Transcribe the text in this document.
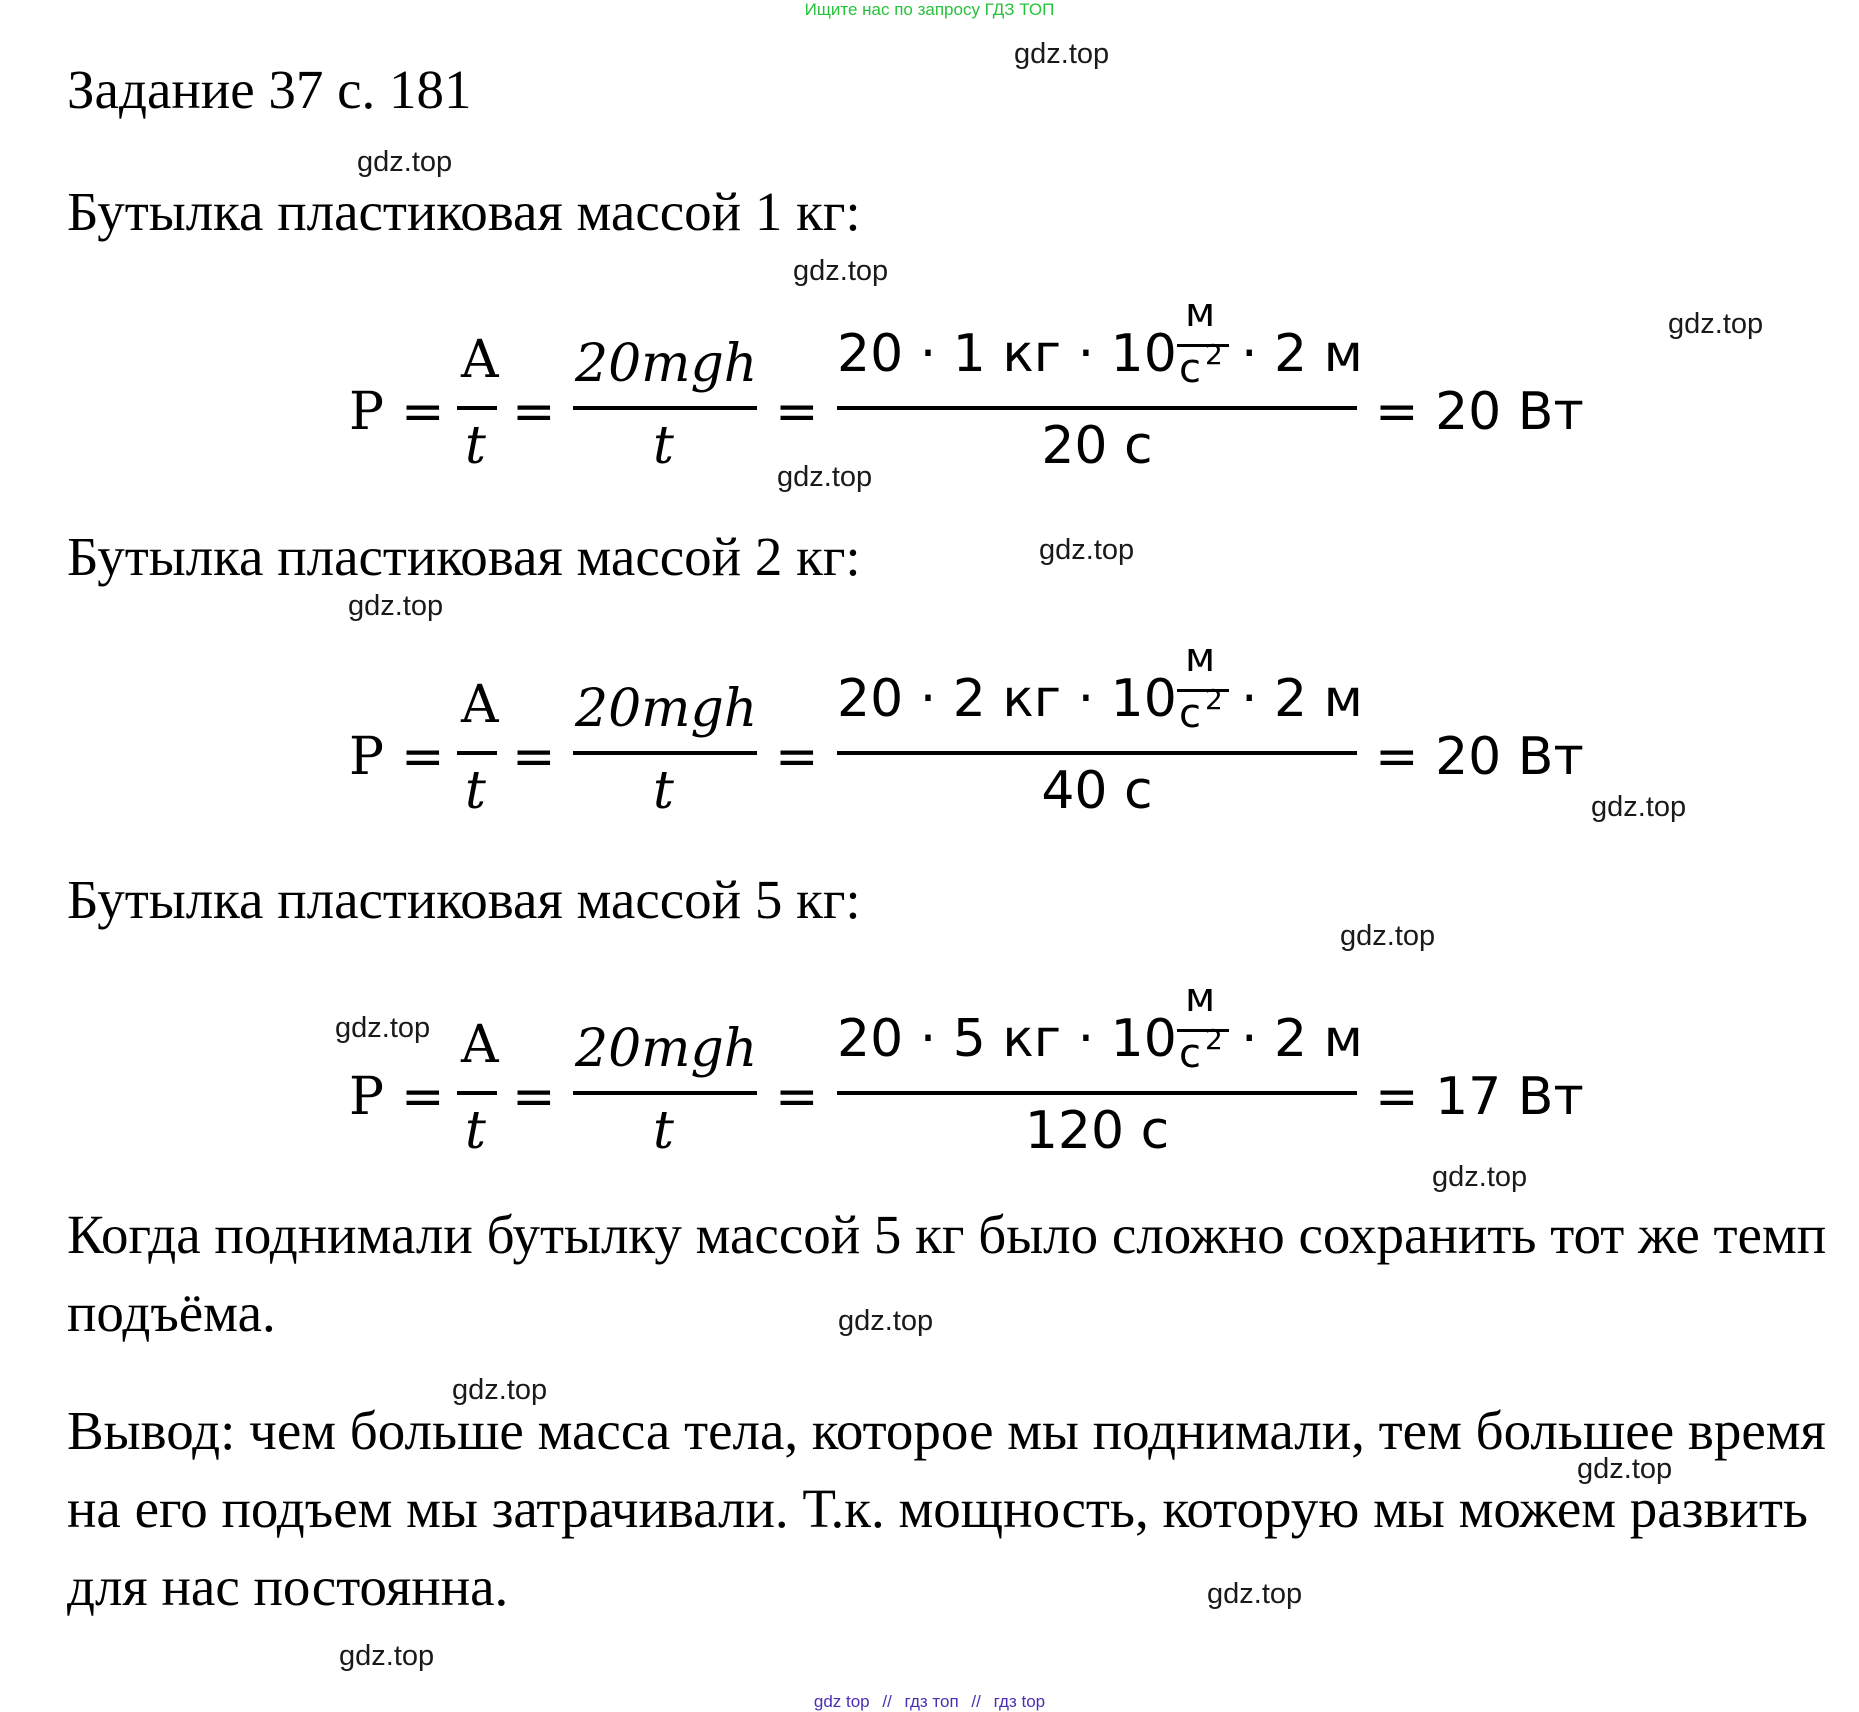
Ищите нас по запросу ГДЗ ТОП
Задание 37 с. 181
Бутылка пластиковая массой 1 кг:
P =
A
t
=
20mgh
t
=
20 · 1 кг · 10
м
с 2 · 2 м
20 с
= 20 Вт
Бутылка пластиковая массой 2 кг:
P =
A
t
=
20mgh
t
=
20 · 2 кг · 10
м
с 2 · 2 м
40 с
= 20 Вт
Бутылка пластиковая массой 5 кг:
P =
A
t
=
20mgh
t
=
20 · 5 кг · 10
м
с 2 · 2 м
120 с
= 17 Вт
Когда поднимали бутылку массой 5 кг было сложно сохранить тот же темп подъёма.
Вывод: чем больше масса тела, которое мы поднимали, тем большее время на его подъем мы затрачивали. Т.к. мощность, которую мы можем развить для нас постоянна.
gdz.top
gdz.top
gdz.top
gdz.top
gdz.top
gdz.top
gdz.top
gdz.top
gdz.top
gdz.top
gdz.top
gdz.top
gdz.top
gdz.top
gdz.top
gdz.top
gdz top // гдз топ // гдз top
